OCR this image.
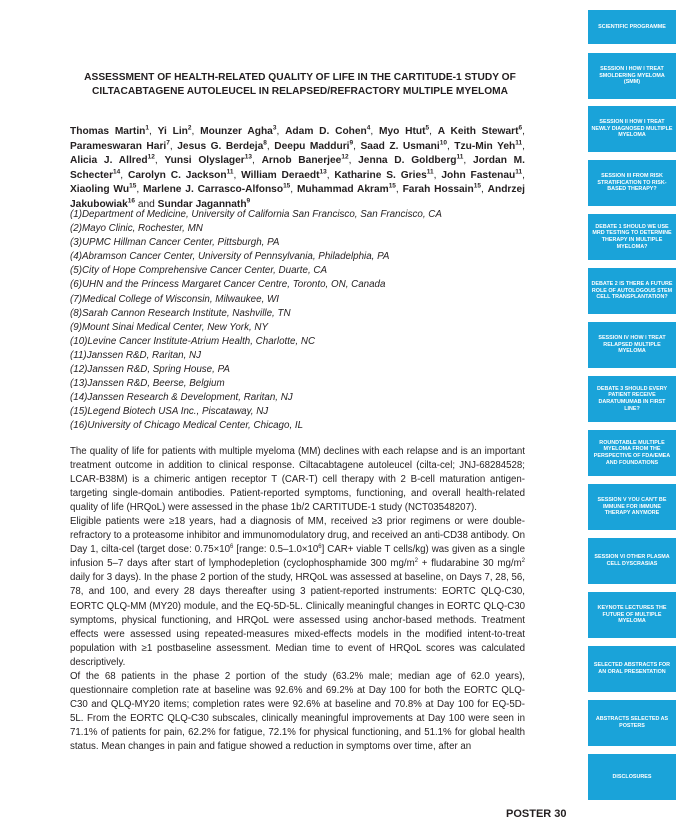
ASSESSMENT OF HEALTH-RELATED QUALITY OF LIFE IN THE CARTITUDE-1 STUDY OF CILTACABTAGENE AUTOLEUCEL IN RELAPSED/REFRACTORY MULTIPLE MYELOMA
Thomas Martin$^1$, Yi Lin$^2$, Mounzer Agha$^3$, Adam D. Cohen$^4$, Myo Htut$^5$, A Keith Stewart$^6$, Parameswaran Hari$^7$, Jesus G. Berdeja$^8$, Deepu Madduri$^9$, Saad Z. Usmani$^{10}$, Tzu-Min Yeh$^{11}$, Alicia J. Allred$^{12}$, Yunsi Olyslager$^{13}$, Arnob Banerjee$^{12}$, Jenna D. Goldberg$^{11}$, Jordan M. Schecter$^{14}$, Carolyn C. Jackson$^{11}$, William Deraedt$^{13}$, Katharine S. Gries$^{11}$, John Fastenau$^{11}$, Xiaoling Wu$^{15}$, Marlene J. Carrasco-Alfonso$^{15}$, Muhammad Akram$^{15}$, Farah Hossain$^{15}$, Andrzej Jakubowiak$^{16}$ and Sundar Jagannath$^9$
(1)Department of Medicine, University of California San Francisco, San Francisco, CA
(2)Mayo Clinic, Rochester, MN
(3)UPMC Hillman Cancer Center, Pittsburgh, PA
(4)Abramson Cancer Center, University of Pennsylvania, Philadelphia, PA
(5)City of Hope Comprehensive Cancer Center, Duarte, CA
(6)UHN and the Princess Margaret Cancer Centre, Toronto, ON, Canada
(7)Medical College of Wisconsin, Milwaukee, WI
(8)Sarah Cannon Research Institute, Nashville, TN
(9)Mount Sinai Medical Center, New York, NY
(10)Levine Cancer Institute-Atrium Health, Charlotte, NC
(11)Janssen R&D, Raritan, NJ
(12)Janssen R&D, Spring House, PA
(13)Janssen R&D, Beerse, Belgium
(14)Janssen Research & Development, Raritan, NJ
(15)Legend Biotech USA Inc., Piscataway, NJ
(16)University of Chicago Medical Center, Chicago, IL

The quality of life for patients with multiple myeloma (MM) declines with each relapse and is an important treatment outcome in addition to clinical response. Ciltacabtagene autoleucel (cilta-cel; JNJ-68284528; LCAR-B38M) is a chimeric antigen receptor T (CAR-T) cell therapy with 2 B-cell maturation antigen-targeting single-domain antibodies. Patient-reported symptoms, functioning, and overall health-related quality of life (HRQoL) were assessed in the phase 1b/2 CARTITUDE-1 study (NCT03548207).

Eligible patients were ≥18 years, had a diagnosis of MM, received ≥3 prior regimens or were double-refractory to a proteasome inhibitor and immunomodulatory drug, and received an anti-CD38 antibody. On Day 1, cilta-cel (target dose: $0.75\times 10^6$ [range: $0.5-1.0\times 10^6$] CAR+ viable T cells/kg) was given as a single infusion 5–7 days after start of lymphodepletion (cyclophosphamide 300 $mg/m^2$ + fludarabine 30 $mg/m^2$ daily for 3 days). In the phase 2 portion of the study, HRQoL was assessed at baseline, on Days 7, 28, 56, 78, and 100, and every 28 days thereafter using 3 patient-reported instruments: EORTC QLQ-C30, EORTC QLQ-MM (MY20) module, and the EQ-5D-5L. Clinically meaningful changes in EORTC QLQ-C30 symptoms, physical functioning, and HRQoL were assessed using anchor-based methods. Treatment effects were assessed using repeated-measures mixed-effects models in the modified intent-to-treat population with ≥1 postbaseline assessment. Median time to event of HRQoL scores was calculated descriptively.

Of the 68 patients in the phase 2 portion of the study (63.2% male; median age of 62.0 years), questionnaire completion rate at baseline was 92.6% and 69.2% at Day 100 for both the EORTC QLQ-C30 and QLQ-MY20 items; completion rates were 92.6% at baseline and 70.8% at Day 100 for EQ-5D-5L. From the EORTC QLQ-C30 subscales, clinically meaningful improvements at Day 100 were seen in 71.1% of patients for pain, 62.2% for fatigue, 72.1% for physical functioning, and 51.1% for global health status. Mean changes in pain and fatigue showed a reduction in symptoms over time, after an

POSTER 30
SCIENTIFIC PROGRAMME
SESSION I HOW I TREAT SMOLDERING MYELOMA (SMM)
SESSION II HOW I TREAT NEWLY DIAGNOSED MULTIPLE MYELOMA
SESSION III FROM RISK STRATIFICATION TO RISK-BASED THERAPY?
DEBATE 1 SHOULD WE USE MRD TESTING TO DETERMINE THERAPY IN MULTIPLE MYELOMA?
DEBATE 2 IS THERE A FUTURE ROLE OF AUTOLOGOUS STEM CELL TRANSPLANTATION?
SESSION IV HOW I TREAT RELAPSED MULTIPLE MYELOMA
DEBATE 3 SHOULD EVERY PATIENT RECEIVE DARATUMUMAB IN FIRST LINE?
ROUNDTABLE MULTIPLE MYELOMA FROM THE PERSPECTIVE OF FDA/EMEA AND FOUNDATIONS
SESSION V YOU CAN'T BE IMMUNE FOR IMMUNE THERAPY ANYMORE
SESSION VI OTHER PLASMA CELL DYSCRASIAS
KEYNOTE LECTURES THE FUTURE OF MULTIPLE MYELOMA
SELECTED ABSTRACTS FOR AN ORAL PRESENTATION
ABSTRACTS SELECTED AS POSTERS
DISCLOSURES
